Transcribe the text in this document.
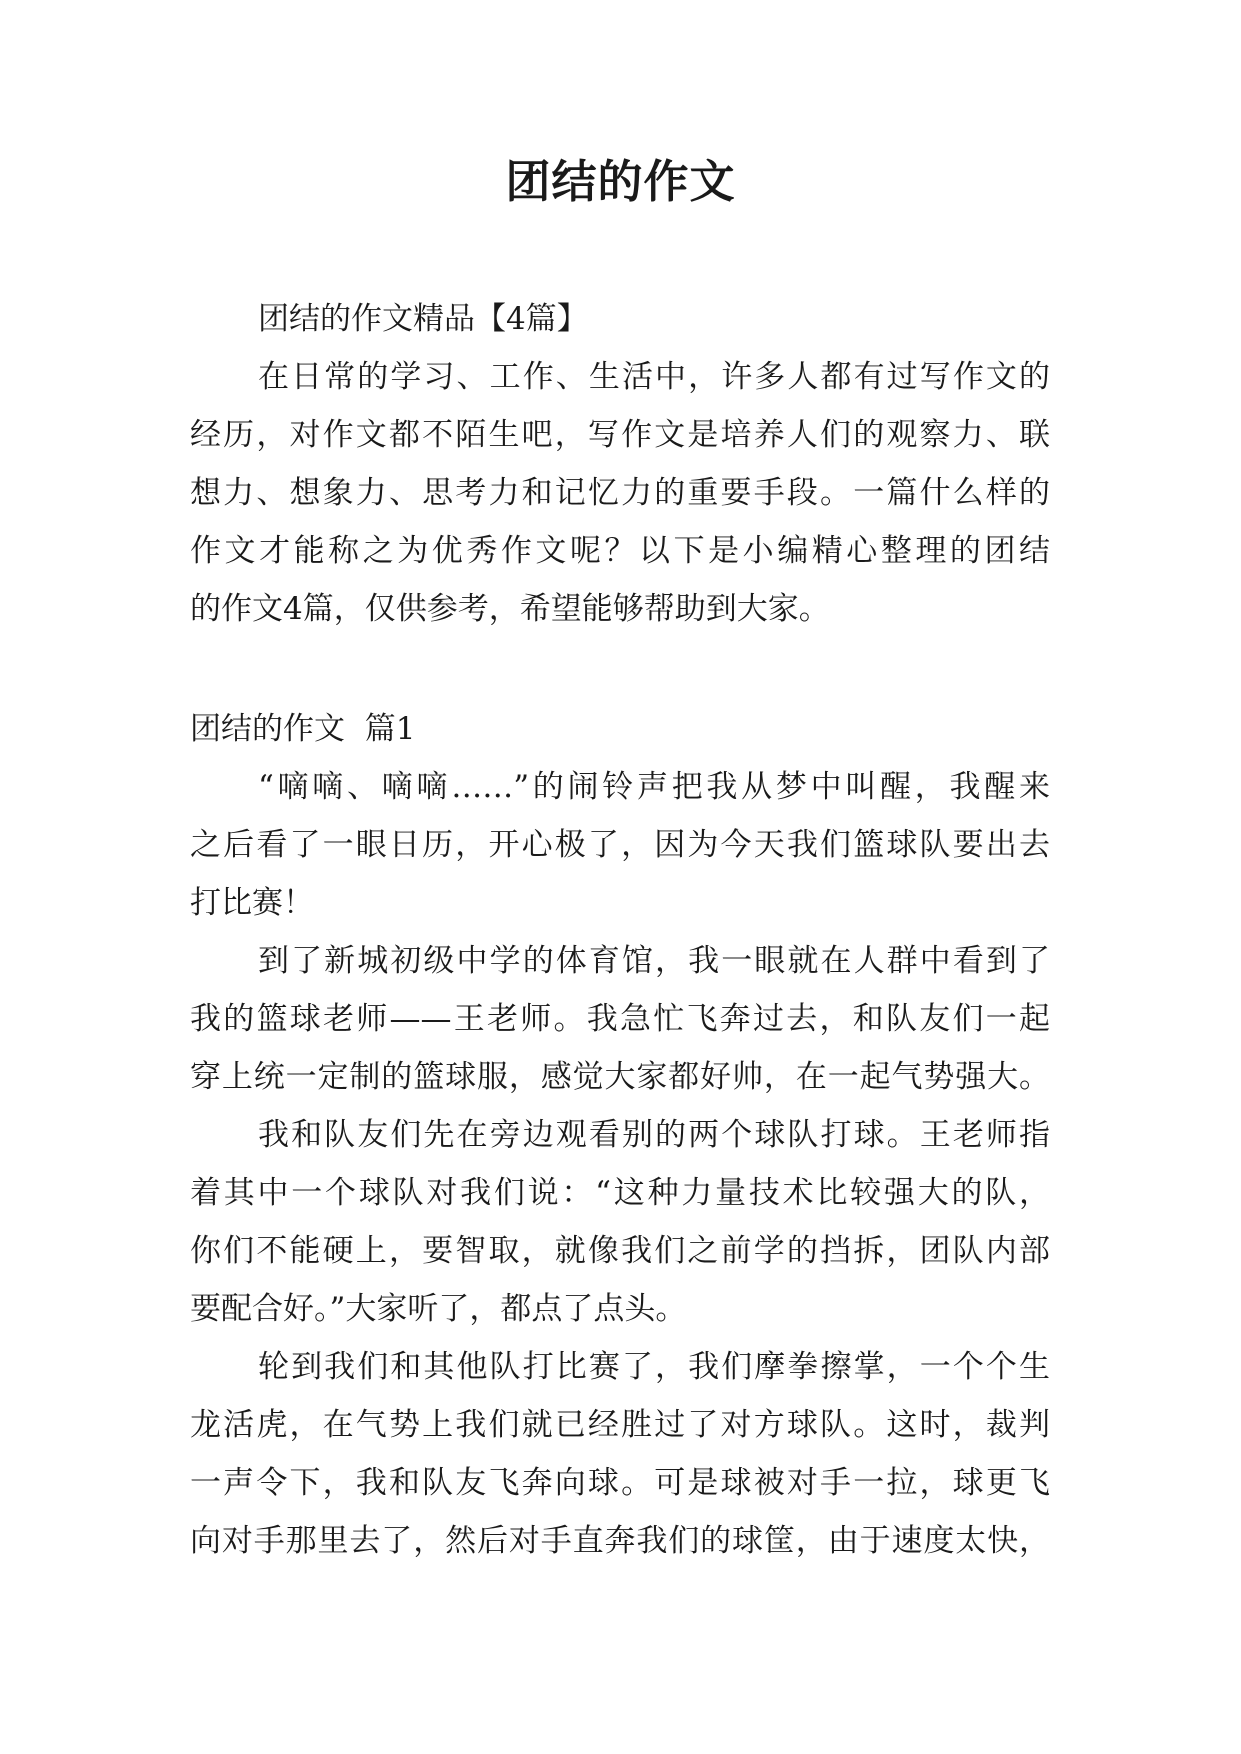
团结的作文
团结的作文精品【4篇】
在日常的学习、工作、生活中，许多人都有过写作文的
经历，对作文都不陌生吧，写作文是培养人们的观察力、联
想力、想象力、思考力和记忆力的重要手段。一篇什么样的
作文才能称之为优秀作文呢？以下是小编精心整理的团结
的作文4篇，仅供参考，希望能够帮助到大家。
团结的作文  篇1
“嘀嘀、嘀嘀……”的闹铃声把我从梦中叫醒，我醒来
之后看了一眼日历，开心极了，因为今天我们篮球队要出去
打比赛！
到了新城初级中学的体育馆，我一眼就在人群中看到了
我的篮球老师——王老师。我急忙飞奔过去，和队友们一起
穿上统一定制的篮球服，感觉大家都好帅，在一起气势强大。
我和队友们先在旁边观看别的两个球队打球。王老师指
着其中一个球队对我们说：“这种力量技术比较强大的队，
你们不能硬上，要智取，就像我们之前学的挡拆，团队内部
要配合好。”大家听了，都点了点头。
轮到我们和其他队打比赛了，我们摩拳擦掌，一个个生
龙活虎，在气势上我们就已经胜过了对方球队。这时，裁判
一声令下，我和队友飞奔向球。可是球被对手一拉，球更飞
向对手那里去了，然后对手直奔我们的球筐，由于速度太快，
